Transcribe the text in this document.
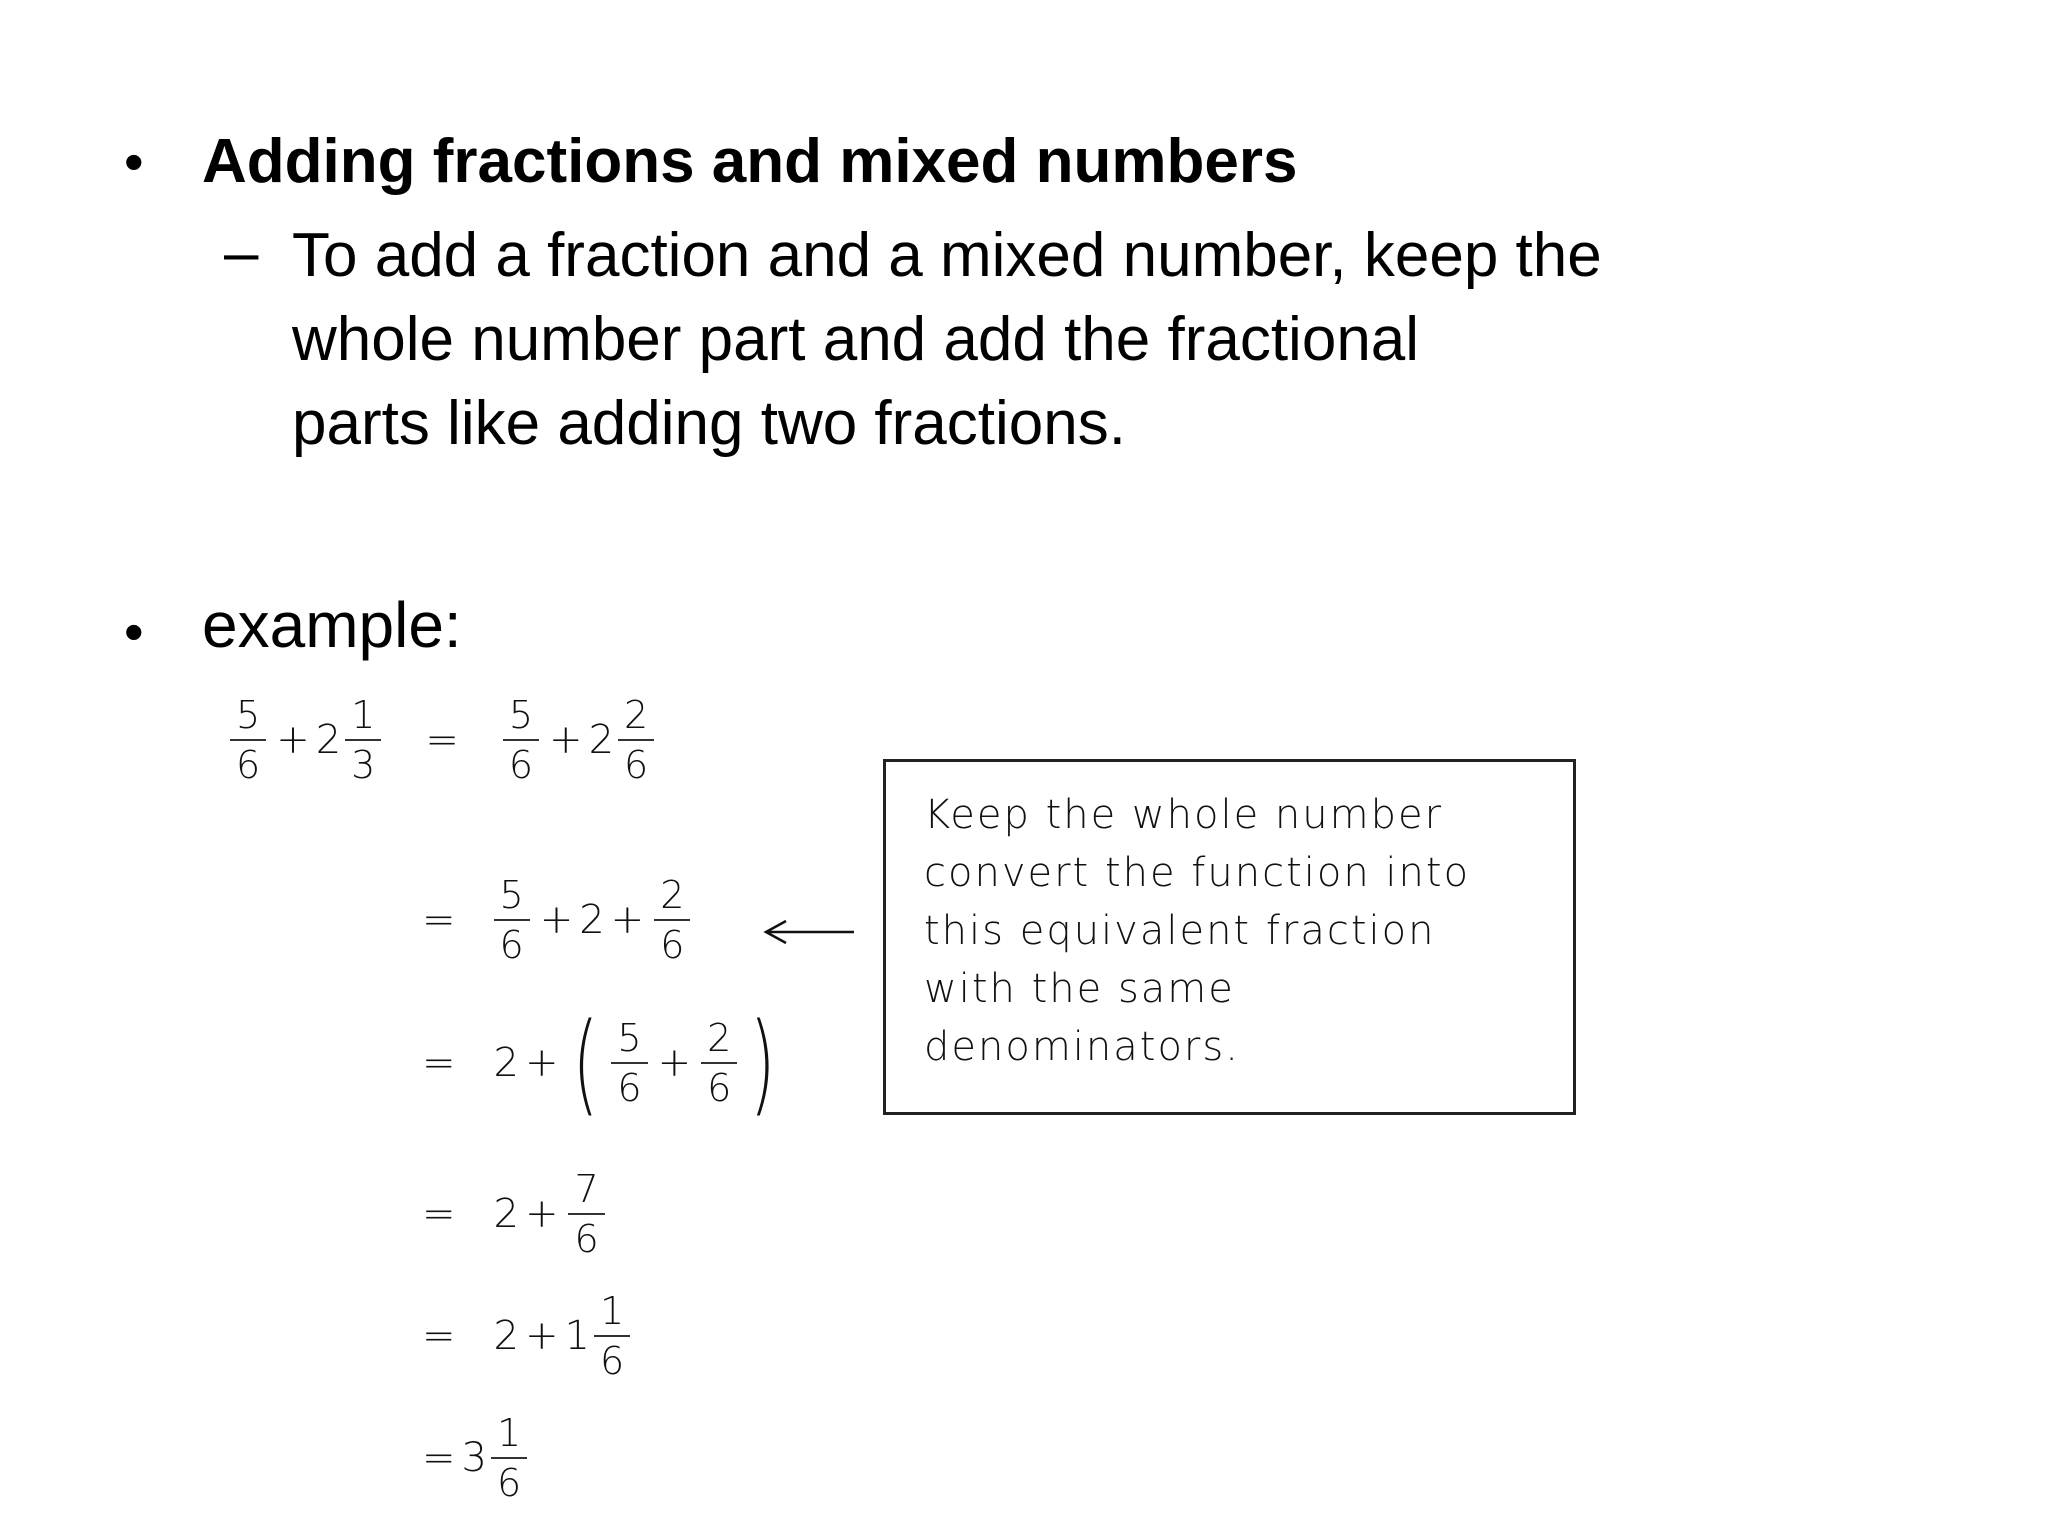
• Adding fractions and mixed numbers
– To add a fraction and a mixed number, keep the
whole number part and add the fractional
parts like adding two fractions.
• example:
$\frac{5}{6} + 2 \frac{1}{3}$	=	$\frac{5}{6} + 2 \frac{2}{6}$
=	$\frac{5}{6} + 2 + \frac{2}{6}$
= 2 + ( $\frac{5}{6} + \frac{2}{6}$ )
= $2 + \frac{7}{6}$
= $2 + 1 \frac{1}{6}$
= $3 \frac{1}{6}$
Keep the whole number
convert the function into
this equivalent fraction
with the same
denominators.
